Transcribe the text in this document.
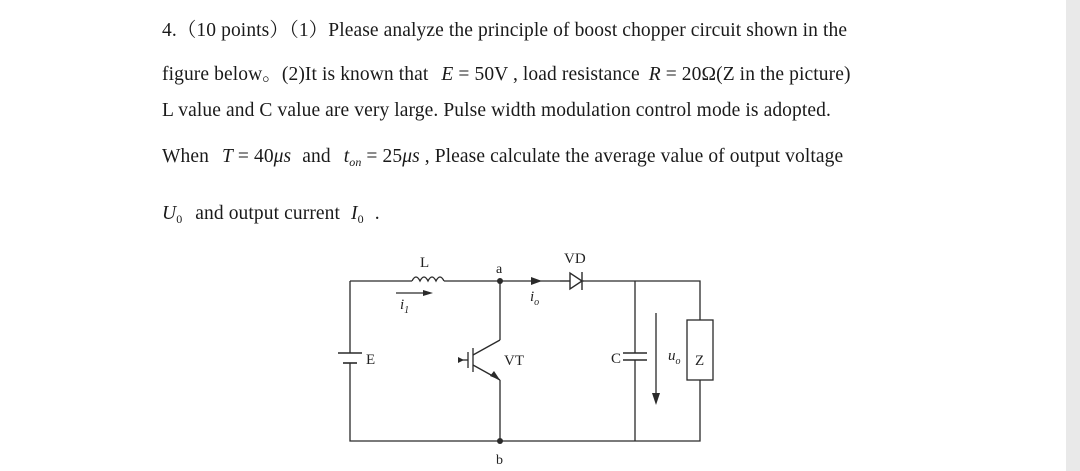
4.（10 points）（1）Please analyze the principle of boost chopper circuit shown in the
figure below。(2)It is known that E = 50V , load resistance R = 20Ω(Z in the picture)
L value and C value are very large. Pulse width modulation control mode is adopted.
When T = 40μs and $t_{on} = 25\mu s$ , Please calculate the average value of output voltage
$U_0$ and output current $I_0$ .
L	a
VD
$i_1$
$i_o$
E	VT	C	$u_o$ Z
b
